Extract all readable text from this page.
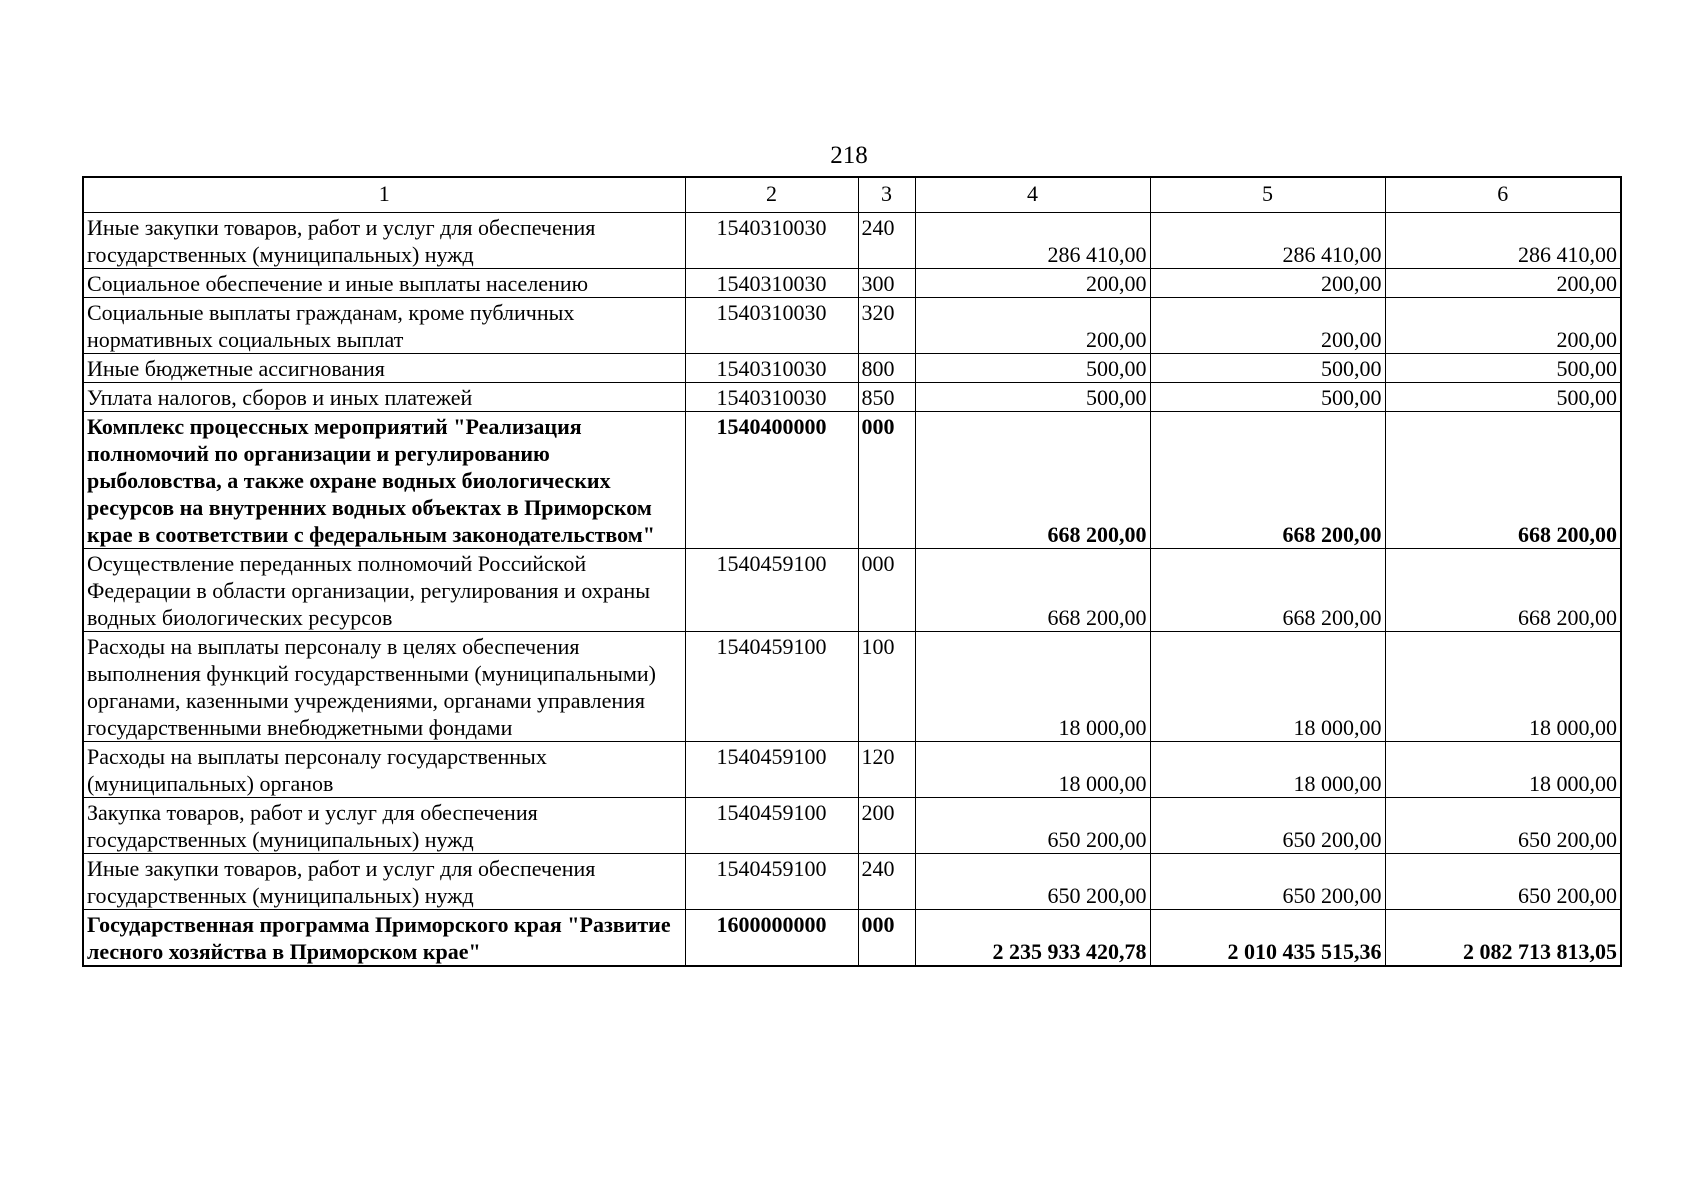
218
1	2	3	4	5	6
Иные закупки товаров, работ и услуг для обеспечения государственных (муниципальных) нужд	1540310030	240	286 410,00	286 410,00	286 410,00
Социальное обеспечение и иные выплаты населению	1540310030	300	200,00	200,00	200,00
Социальные выплаты гражданам, кроме публичных нормативных социальных выплат	1540310030	320	200,00	200,00	200,00
Иные бюджетные ассигнования	1540310030	800	500,00	500,00	500,00
Уплата налогов, сборов и иных платежей	1540310030	850	500,00	500,00	500,00
Комплекс процессных мероприятий "Реализация полномочий по организации и регулированию рыболовства, а также охране водных биологических ресурсов на внутренних водных объектах в Приморском крае в соответствии с федеральным законодательством"	1540400000	000	668 200,00	668 200,00	668 200,00
Осуществление переданных полномочий Российской Федерации в области организации, регулирования и охраны водных биологических ресурсов	1540459100	000	668 200,00	668 200,00	668 200,00
Расходы на выплаты персоналу в целях обеспечения выполнения функций государственными (муниципальными) органами, казенными учреждениями, органами управления государственными внебюджетными фондами	1540459100	100	18 000,00	18 000,00	18 000,00
Расходы на выплаты персоналу государственных (муниципальных) органов	1540459100	120	18 000,00	18 000,00	18 000,00
Закупка товаров, работ и услуг для обеспечения государственных (муниципальных) нужд	1540459100	200	650 200,00	650 200,00	650 200,00
Иные закупки товаров, работ и услуг для обеспечения государственных (муниципальных) нужд	1540459100	240	650 200,00	650 200,00	650 200,00
Государственная программа Приморского края "Развитие лесного хозяйства в Приморском крае"	1600000000	000	2 235 933 420,78	2 010 435 515,36	2 082 713 813,05
